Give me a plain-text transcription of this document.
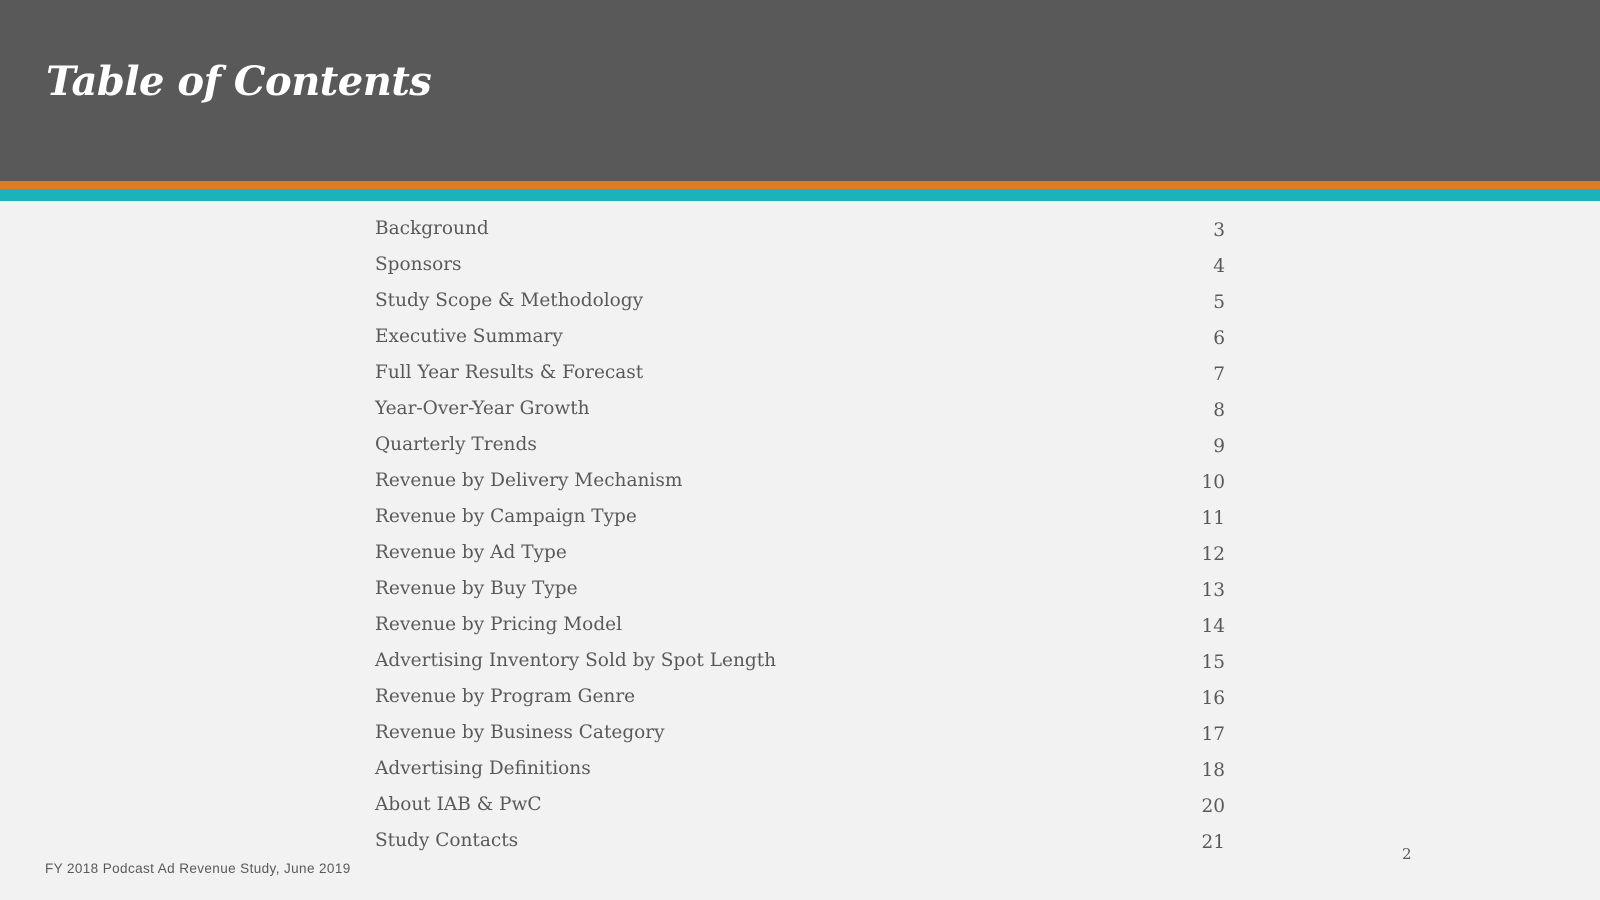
Table of Contents
Background	3
Sponsors	4
Study Scope & Methodology	5
Executive Summary	6
Full Year Results & Forecast	7
Year-Over-Year Growth	8
Quarterly Trends	9
Revenue by Delivery Mechanism	10
Revenue by Campaign Type	11
Revenue by Ad Type	12
Revenue by Buy Type	13
Revenue by Pricing Model	14
Advertising Inventory Sold by Spot Length	15
Revenue by Program Genre	16
Revenue by Business Category	17
Advertising Definitions	18
About IAB & PwC	20
Study Contacts	21
FY 2018 Podcast Ad Revenue Study, June 2019
2
